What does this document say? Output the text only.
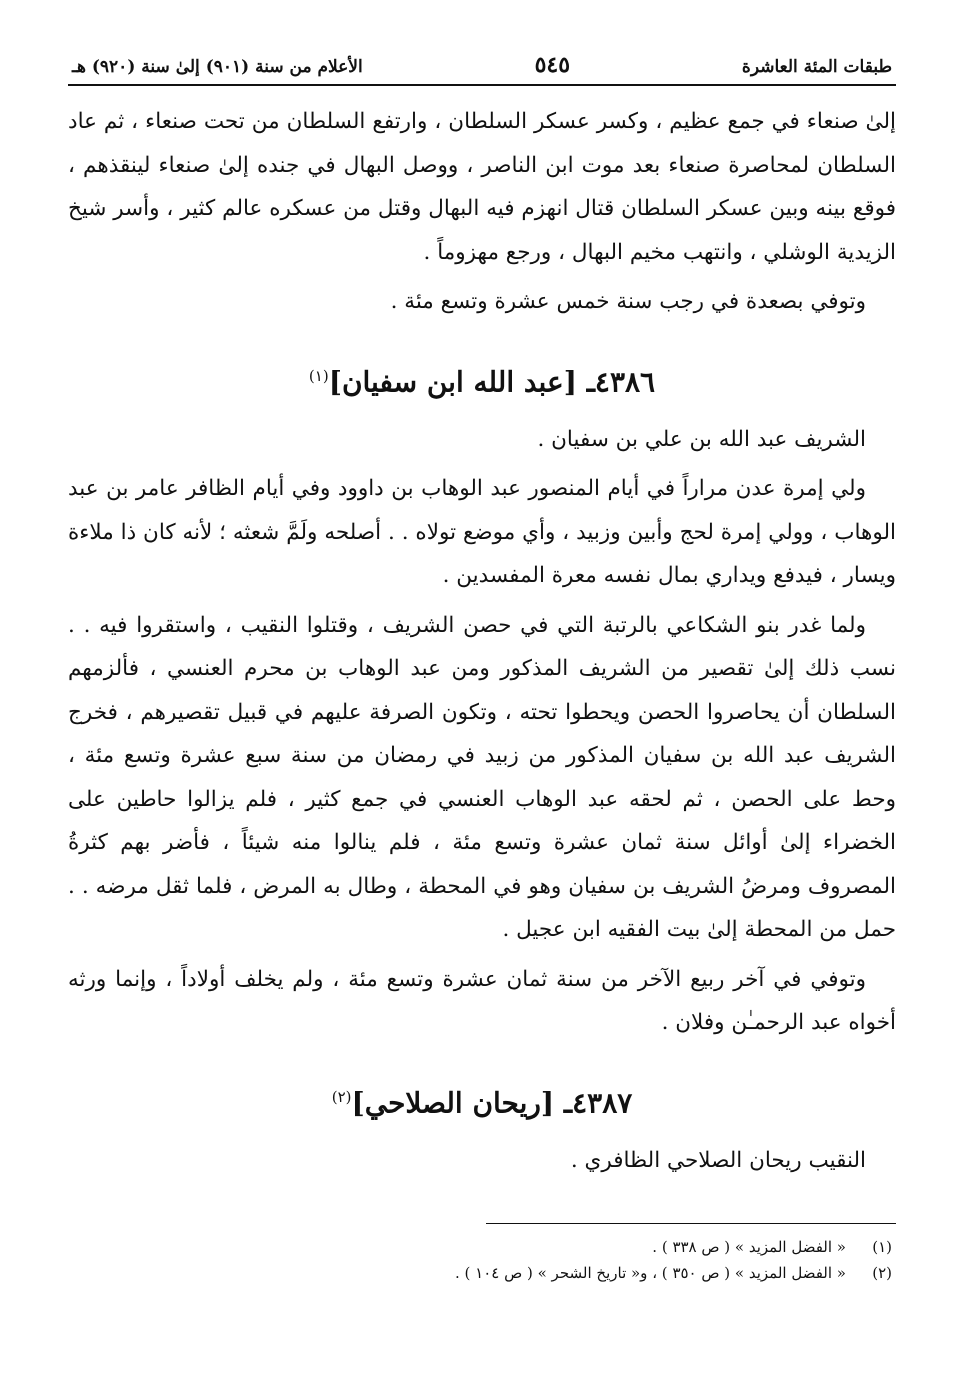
طبقات المئة العاشرة
٥٤٥
الأعلام من سنة (٩٠١) إلىٰ سنة (٩٢٠) هـ

إلىٰ صنعاء في جمع عظيم ، وكسر عسكر السلطان ، وارتفع السلطان من تحت صنعاء ، ثم عاد السلطان لمحاصرة صنعاء بعد موت ابن الناصر ، ووصل البهال في جنده إلىٰ صنعاء لينقذهم ، فوقع بينه وبين عسكر السلطان قتال انهزم فيه البهال وقتل من عسكره عالم كثير ، وأسر شيخ الزيدية الوشلي ، وانتهب مخيم البهال ، ورجع مهزوماً .

وتوفي بصعدة في رجب سنة خمس عشرة وتسع مئة .

٤٣٨٦ـ [عبد الله ابن سفيان]$^{(١)}$

الشريف عبد الله بن علي بن سفيان .

ولي إمرة عدن مراراً في أيام المنصور عبد الوهاب بن داوود وفي أيام الظافر عامر بن عبد الوهاب ، وولي إمرة لحج وأبين وزبيد ، وأي موضع تولاه . . أصلحه ولَمَّ شعثه ؛ لأنه كان ذا ملاءة ويسار ، فيدفع ويداري بمال نفسه معرة المفسدين .

ولما غدر بنو الشكاعي بالرتبة التي في حصن الشريف ، وقتلوا النقيب ، واستقروا فيه . . نسب ذلك إلىٰ تقصير من الشريف المذكور ومن عبد الوهاب بن محرم العنسي ، فألزمهم السلطان أن يحاصروا الحصن ويحطوا تحته ، وتكون الصرفة عليهم في قبيل تقصيرهم ، فخرج الشريف عبد الله بن سفيان المذكور من زبيد في رمضان من سنة سبع عشرة وتسع مئة ، وحط على الحصن ، ثم لحقه عبد الوهاب العنسي في جمع كثير ، فلم يزالوا حاطين على الخضراء إلىٰ أوائل سنة ثمان عشرة وتسع مئة ، فلم ينالوا منه شيئاً ، فأضر بهم كثرةُ المصروف ومرضُ الشريف بن سفيان وهو في المحطة ، وطال به المرض ، فلما ثقل مرضه . . حمل من المحطة إلىٰ بيت الفقيه ابن عجيل .

وتوفي في آخر ربيع الآخر من سنة ثمان عشرة وتسع مئة ، ولم يخلف أولاداً ، وإنما ورثه أخواه عبد الرحمـٰن وفلان .

٤٣٨٧ـ [ريحان الصلاحي]$^{(٢)}$

النقيب ريحان الصلاحي الظافري .

(١)« الفضل المزيد » ( ص ٣٣٨ ) .

(٢)« الفضل المزيد » ( ص ٣٥٠ ) ، و« تاريخ الشحر » ( ص ١٠٤ ) .
